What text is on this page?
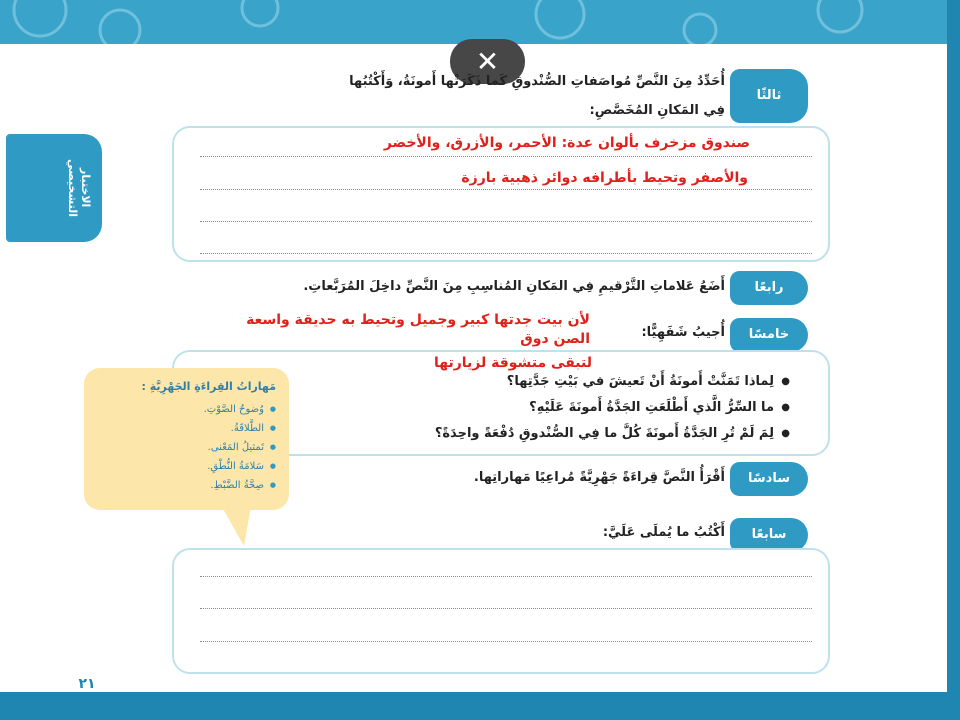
الاختبار التشخيصي
✕
ثالثًا
أُحَدِّدُ مِنَ النَّصِّ مُواصَفاتِ الصُّنْدوقِ كَما ذَكَرَتْها أَمونَةُ، وَأَكْتُبُها
فِي المَكانِ المُخَصَّصِ:
صندوق مزخرف بألوان عدة: الأحمر، والأزرق، والأخضر
والأصفر وتحيط بأطرافه دوائر ذهبية بارزة
رابعًا
أَضَعُ عَلاماتِ التَّرْقيمِ فِي المَكانِ المُناسِبِ مِنَ النَّصِّ داخِلَ المُرَبَّعاتِ.
خامسًا
أُجيبُ شَفَهِيًّا:
لأن بيت جدتها كبير وجميل وتحيط به حديقة واسعة
الصن دوق
لتبقى متشوقة لزيارتها
● لِماذا تَمَنَّتْ أَمونَةُ أَنْ تَعيشَ في بَيْتِ جَدَّتِها؟
● ما السِّرُّ الَّذي أَطْلَعَتِ الجَدَّةُ أَمونَةَ عَلَيْهِ؟
● لِمَ لَمْ تُرِ الجَدَّةُ أَمونَةَ كُلَّ ما فِي الصُّنْدوقِ دُفْعَةً واحِدَةً؟
سادسًا
أَقْرَأُ النَّصَّ قِراءَةً جَهْرِيَّةً مُراعِيًا مَهاراتِها.
سابعًا
أَكْتُبُ ما يُملَى عَلَيَّ:
مَهاراتُ القِراءَةِ الجَهْرِيَّةِ :
● وُضوحُ الصَّوْتِ.
● الطَّلاقَةُ.
● تَمثيلُ المَعْنى.
● سَلامَةُ النُّطْقِ.
● صِحَّةُ الضَّبْطِ.
٢١
